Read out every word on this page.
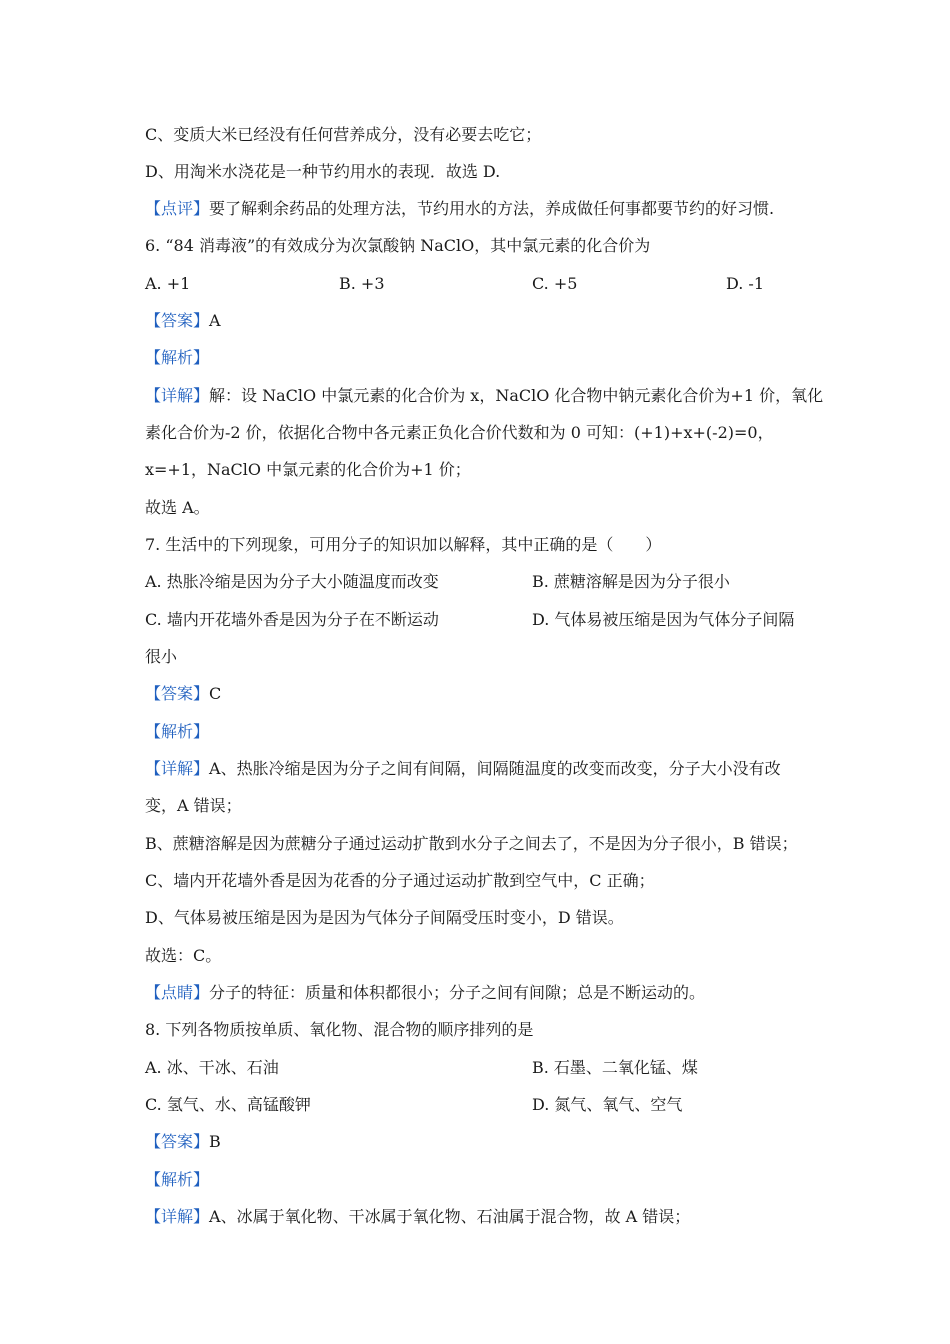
C、变质大米已经没有任何营养成分，没有必要去吃它；
D、用淘米水浇花是一种节约用水的表现．故选 D.
【点评】要了解剩余药品的处理方法，节约用水的方法，养成做任何事都要节约的好习惯.
6. “84 消毒液”的有效成分为次氯酸钠 NaClO，其中氯元素的化合价为
A. +1	B. +3	C. +5	D. -1
【答案】A
【解析】
【详解】解：设 NaClO 中氯元素的化合价为 x，NaClO 化合物中钠元素化合价为+1 价，氧化
素化合价为-2 价，依据化合物中各元素正负化合价代数和为 0 可知：(+1)+x+(-2)=0，
x=+1，NaClO 中氯元素的化合价为+1 价；
故选 A。
7. 生活中的下列现象，可用分子的知识加以解释，其中正确的是（　　）
A. 热胀冷缩是因为分子大小随温度而改变	B. 蔗糖溶解是因为分子很小
C. 墙内开花墙外香是因为分子在不断运动	D. 气体易被压缩是因为气体分子间隔
很小
【答案】C
【解析】
【详解】A、热胀冷缩是因为分子之间有间隔，间隔随温度的改变而改变，分子大小没有改
变，A 错误；
B、蔗糖溶解是因为蔗糖分子通过运动扩散到水分子之间去了，不是因为分子很小，B 错误；
C、墙内开花墙外香是因为花香的分子通过运动扩散到空气中，C 正确；
D、气体易被压缩是因为是因为气体分子间隔受压时变小，D 错误。
故选：C。
【点睛】分子的特征：质量和体积都很小；分子之间有间隙；总是不断运动的。
8. 下列各物质按单质、氧化物、混合物的顺序排列的是
A. 冰、干冰、石油	B. 石墨、二氧化锰、煤
C. 氢气、水、高锰酸钾	D. 氮气、氧气、空气
【答案】B
【解析】
【详解】A、冰属于氧化物、干冰属于氧化物、石油属于混合物，故 A 错误；
